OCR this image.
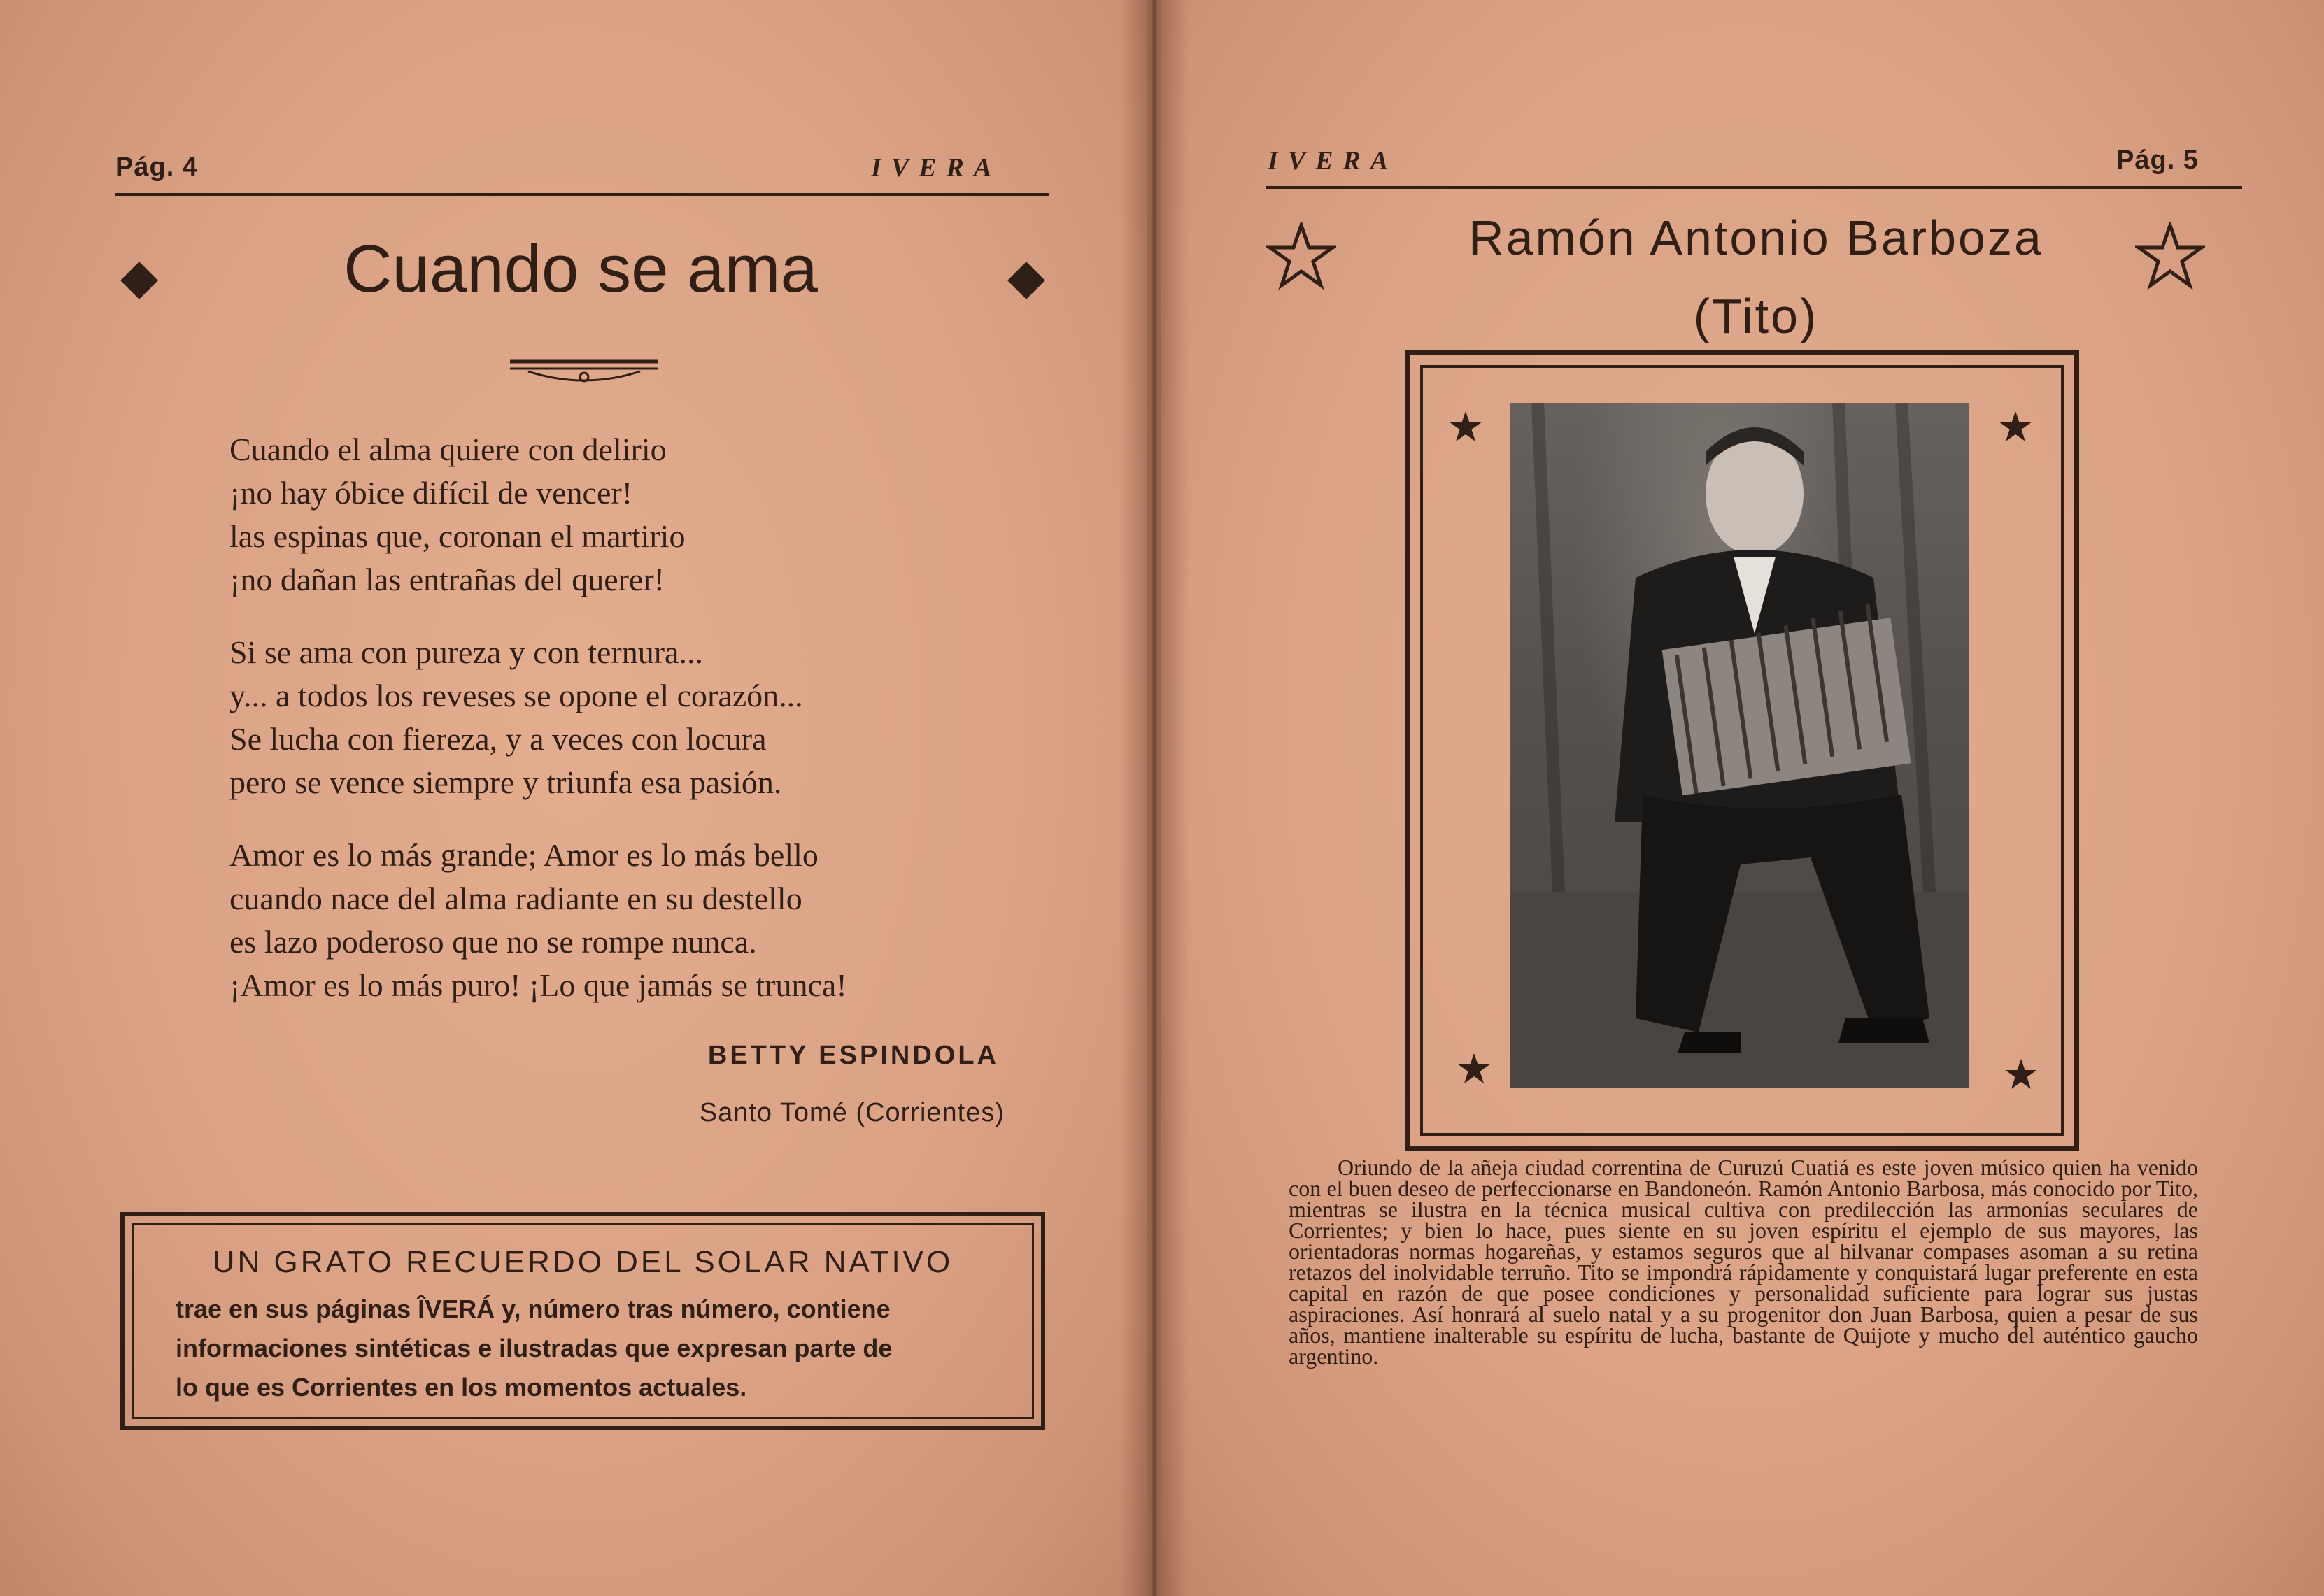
Pág. 4	IVERA
Cuando se ama
Cuando el alma quiere con delirio
¡no hay óbice difícil de vencer!
las espinas que, coronan el martirio
¡no dañan las entrañas del querer!
Si se ama con pureza y con ternura...
y... a todos los reveses se opone el corazón...
Se lucha con fiereza, y a veces con locura
pero se vence siempre y triunfa esa pasión.
Amor es lo más grande; Amor es lo más bello
cuando nace del alma radiante en su destello
es lazo poderoso que no se rompe nunca.
¡Amor es lo más puro! ¡Lo que jamás se trunca!
BETTY ESPINDOLA
Santo Tomé (Corrientes)
UN GRATO RECUERDO DEL SOLAR NATIVO
trae en sus páginas ÎVERÁ y, número tras número, contiene
informaciones sintéticas e ilustradas que expresan parte de
lo que es Corrientes en los momentos actuales.
IVERA	Pág. 5
Ramón Antonio Barboza
(Tito)

Oriundo de la añeja ciudad correntina de Curuzú Cuatiá es este joven músico quien ha venido con el buen deseo de perfeccionarse en Bandoneón. Ramón Antonio Barbosa, más conocido por Tito, mientras se ilustra en la técnica musical cultiva con predilección las armonías seculares de Corrientes; y bien lo hace, pues siente en su joven espíritu el ejemplo de sus mayores, las orientadoras normas hogareñas, y estamos seguros que al hilvanar compases asoman a su retina retazos del inolvidable terruño. Tito se impondrá rápidamente y conquistará lugar preferente en esta capital en razón de que posee condiciones y personalidad suficiente para lograr sus justas aspiraciones. Así honrará al suelo natal y a su progenitor don Juan Barbosa, quien a pesar de sus años, mantiene inalterable su espíritu de lucha, bastante de Quijote y mucho del auténtico gaucho argentino.
